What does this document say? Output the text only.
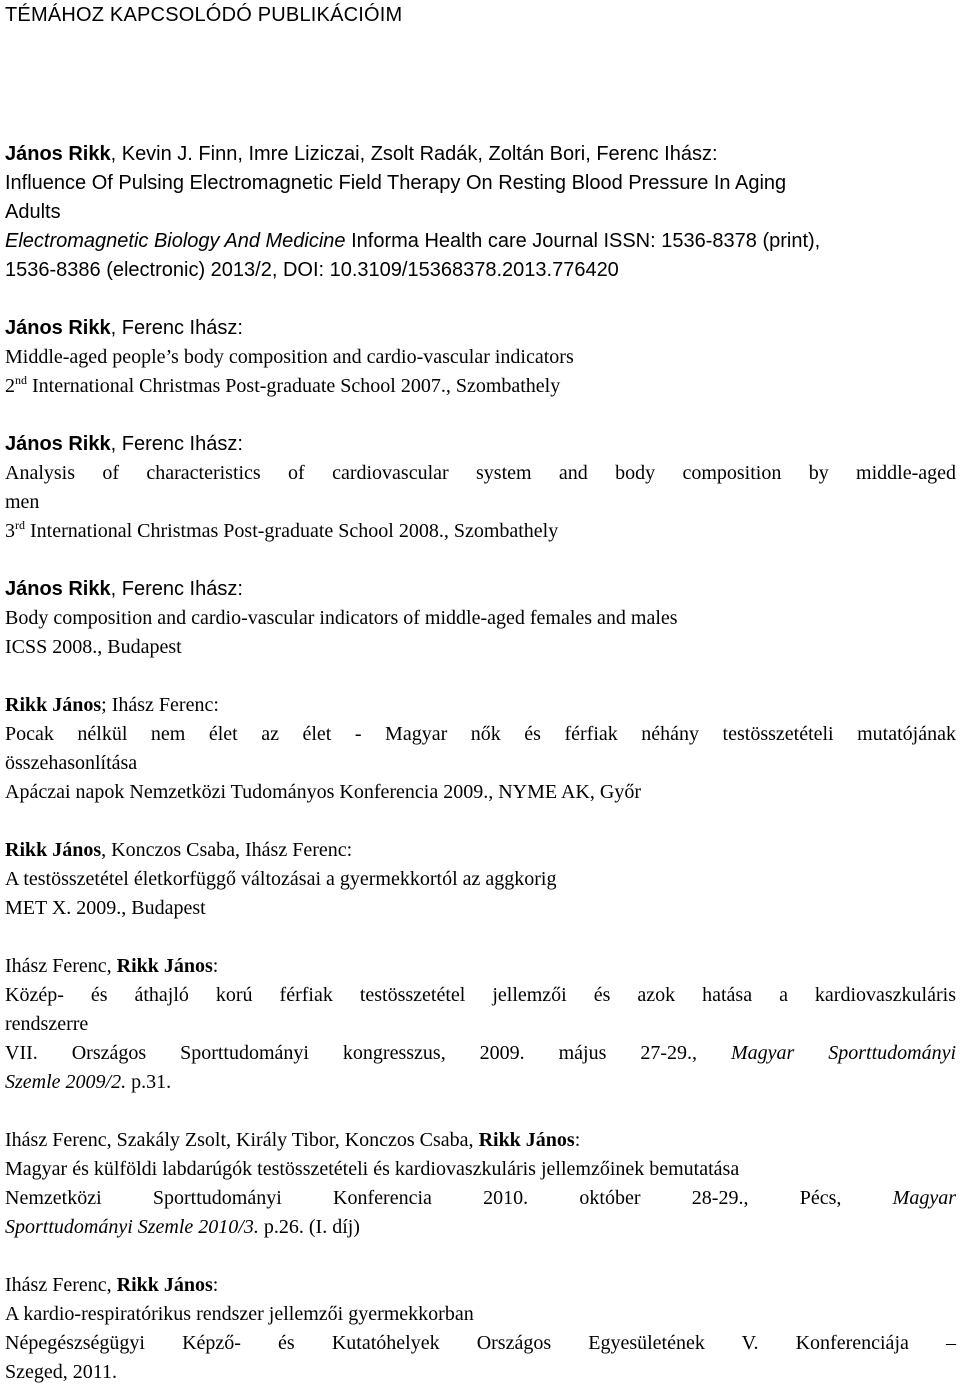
TÉMÁHOZ KAPCSOLÓDÓ PUBLIKÁCIÓIM
János Rikk, Kevin J. Finn, Imre Liziczai, Zsolt Radák, Zoltán Bori, Ferenc Ihász:
Influence Of Pulsing Electromagnetic Field Therapy On Resting Blood Pressure In Aging
Adults
Electromagnetic Biology And Medicine Informa Health care Journal ISSN: 1536-8378 (print),
1536-8386 (electronic) 2013/2, DOI: 10.3109/15368378.2013.776420
János Rikk, Ferenc Ihász:
Middle-aged people’s body composition and cardio-vascular indicators
2nd International Christmas Post-graduate School 2007., Szombathely
János Rikk, Ferenc Ihász:
Analysis of characteristics of cardiovascular system and body composition by middle-aged
men
3rd International Christmas Post-graduate School 2008., Szombathely
János Rikk, Ferenc Ihász:
Body composition and cardio-vascular indicators of middle-aged females and males
ICSS 2008., Budapest
Rikk János; Ihász Ferenc:
Pocak nélkül nem élet az élet - Magyar nők és férfiak néhány testösszetételi mutatójának
összehasonlítása
Apáczai napok Nemzetközi Tudományos Konferencia 2009., NYME AK, Győr
Rikk János, Konczos Csaba, Ihász Ferenc:
A testösszetétel életkorfüggő változásai a gyermekkortól az aggkorig
MET X. 2009., Budapest
Ihász Ferenc, Rikk János:
Közép- és áthajló korú férfiak testösszetétel jellemzői és azok hatása a kardiovaszkuláris
rendszerre
VII. Országos Sporttudományi kongresszus, 2009. május 27-29., Magyar Sporttudományi
Szemle 2009/2. p.31.
Ihász Ferenc, Szakály Zsolt, Király Tibor, Konczos Csaba, Rikk János:
Magyar és külföldi labdarúgók testösszetételi és kardiovaszkuláris jellemzőinek bemutatása
Nemzetközi Sporttudományi Konferencia 2010. október 28-29., Pécs, Magyar
Sporttudományi Szemle 2010/3. p.26. (I. díj)
Ihász Ferenc, Rikk János:
A kardio-respiratórikus rendszer jellemzői gyermekkorban
Népegészségügyi Képző- és Kutatóhelyek Országos Egyesületének V. Konferenciája –
Szeged, 2011.
